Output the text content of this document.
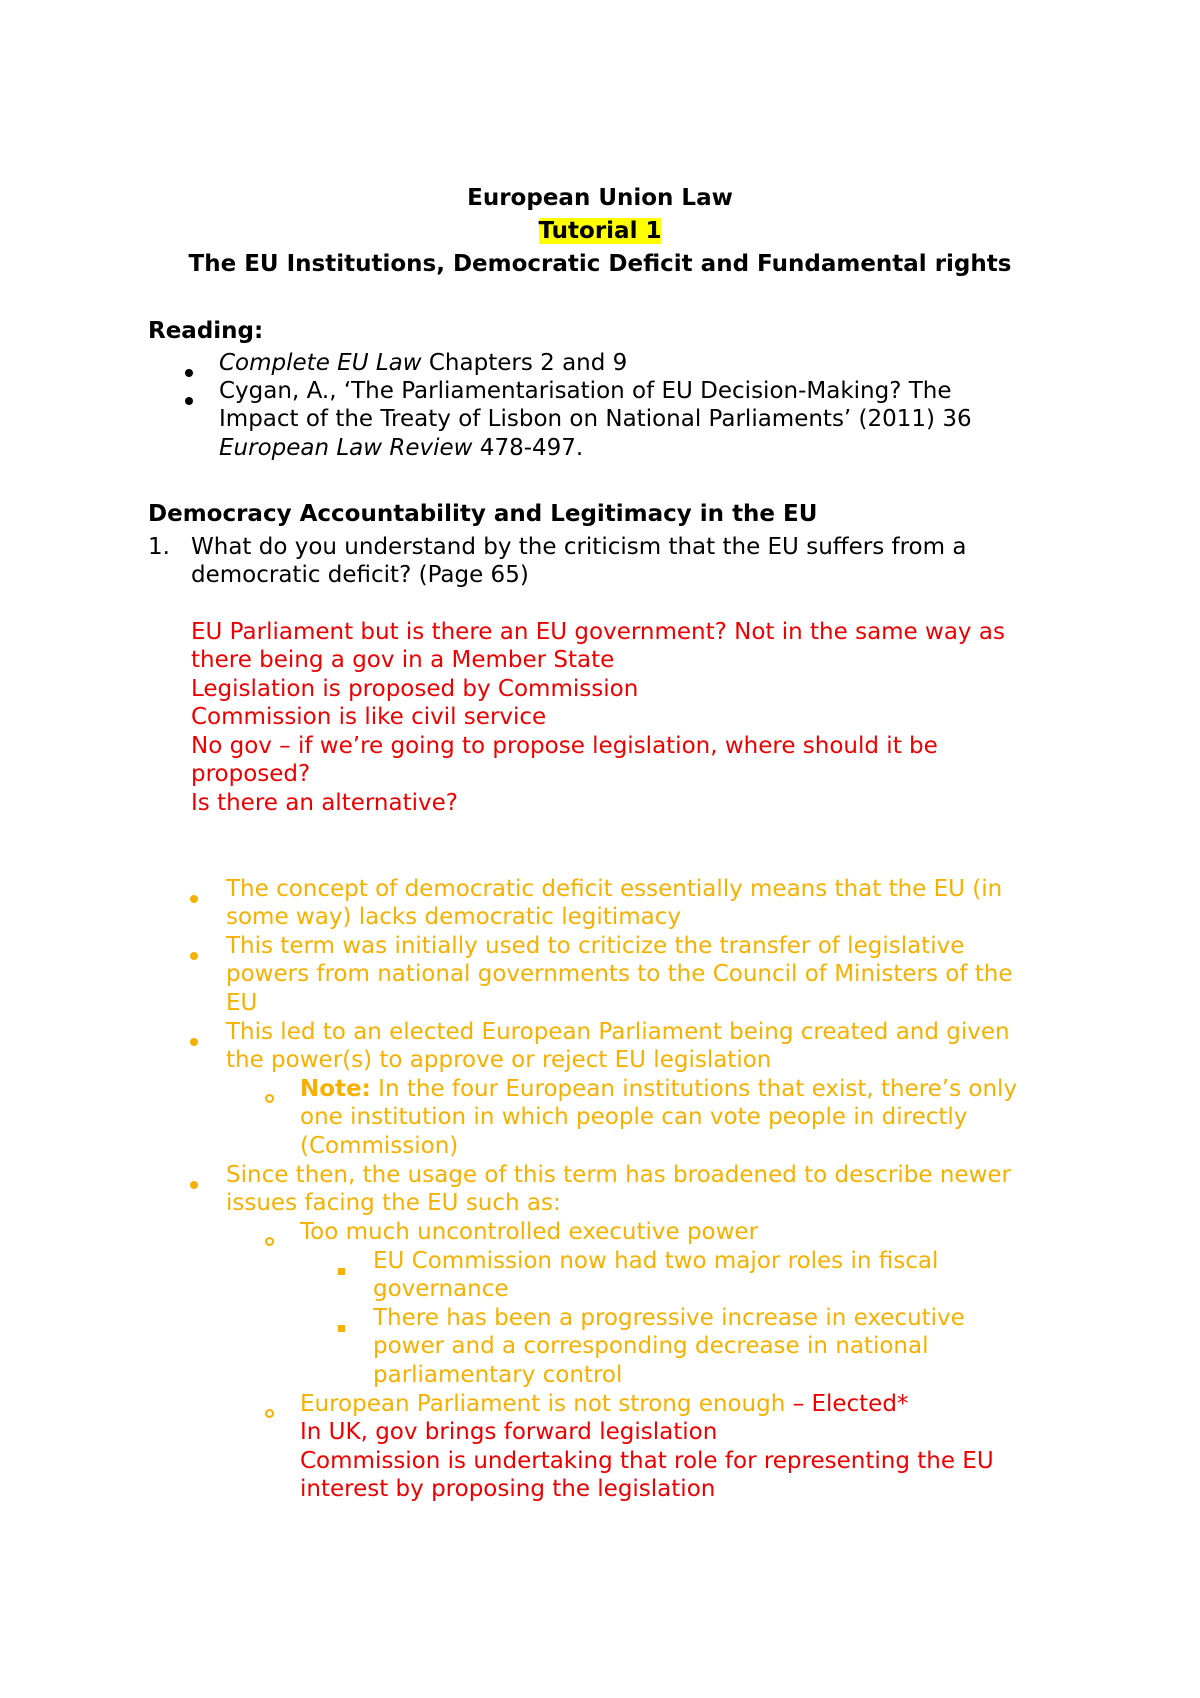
European Union Law
Tutorial 1
The EU Institutions, Democratic Deficit and Fundamental rights
Reading:
Complete EU Law Chapters 2 and 9
Cygan, A., ‘The Parliamentarisation of EU Decision-Making? The
Impact of the Treaty of Lisbon on National Parliaments’ (2011) 36
European Law Review 478-497.
Democracy Accountability and Legitimacy in the EU
1. What do you understand by the criticism that the EU suffers from a
democratic deficit? (Page 65)
EU Parliament but is there an EU government? Not in the same way as
there being a gov in a Member State
Legislation is proposed by Commission
Commission is like civil service
No gov – if we’re going to propose legislation, where should it be
proposed?
Is there an alternative?
The concept of democratic deficit essentially means that the EU (in
some way) lacks democratic legitimacy
This term was initially used to criticize the transfer of legislative
powers from national governments to the Council of Ministers of the
EU
This led to an elected European Parliament being created and given
the power(s) to approve or reject EU legislation
Note: In the four European institutions that exist, there’s only
one institution in which people can vote people in directly
(Commission)
Since then, the usage of this term has broadened to describe newer
issues facing the EU such as:
Too much uncontrolled executive power
EU Commission now had two major roles in fiscal
governance
There has been a progressive increase in executive
power and a corresponding decrease in national
parliamentary control
European Parliament is not strong enough – Elected*
In UK, gov brings forward legislation
Commission is undertaking that role for representing the EU
interest by proposing the legislation
